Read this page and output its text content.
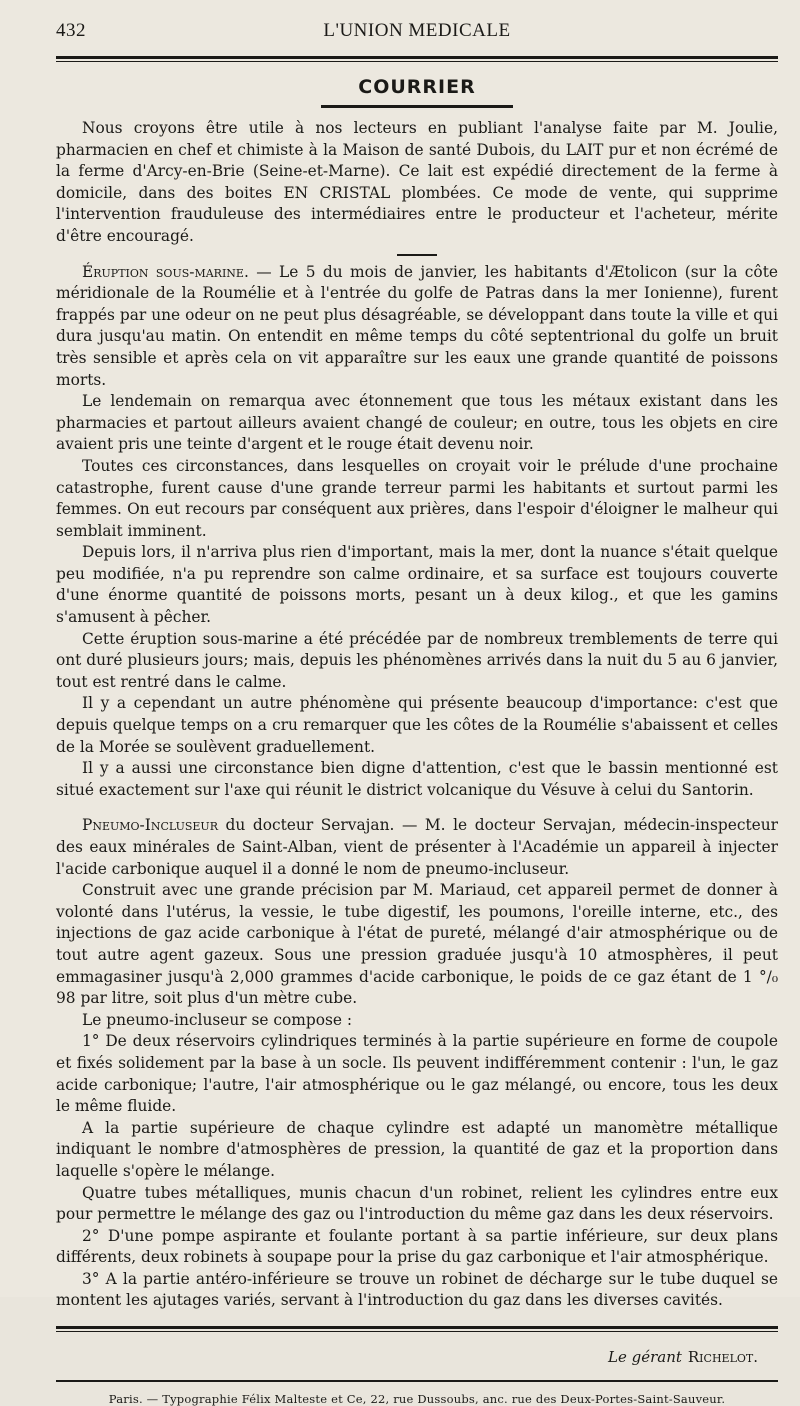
432	L'UNION MEDICALE
COURRIER

Nous croyons être utile à nos lecteurs en publiant l'analyse faite par M. Joulie, pharmacien en chef et chimiste à la Maison de santé Dubois, du LAIT pur et non écrémé de la ferme d'Arcy-en-Brie (Seine-et-Marne). Ce lait est expédié directement de la ferme à domicile, dans des boites EN CRISTAL plombées. Ce mode de vente, qui supprime l'intervention frauduleuse des intermédiaires entre le producteur et l'acheteur, mérite d'être encouragé.

Éruption sous-marine. — Le 5 du mois de janvier, les habitants d'Ætolicon (sur la côte méridionale de la Roumélie et à l'entrée du golfe de Patras dans la mer Ionienne), furent frappés par une odeur on ne peut plus désagréable, se développant dans toute la ville et qui dura jusqu'au matin. On entendit en même temps du côté septentrional du golfe un bruit très sensible et après cela on vit apparaître sur les eaux une grande quantité de poissons morts.

Le lendemain on remarqua avec étonnement que tous les métaux existant dans les pharmacies et partout ailleurs avaient changé de couleur; en outre, tous les objets en cire avaient pris une teinte d'argent et le rouge était devenu noir.

Toutes ces circonstances, dans lesquelles on croyait voir le prélude d'une prochaine catastrophe, furent cause d'une grande terreur parmi les habitants et surtout parmi les femmes. On eut recours par conséquent aux prières, dans l'espoir d'éloigner le malheur qui semblait imminent.

Depuis lors, il n'arriva plus rien d'important, mais la mer, dont la nuance s'était quelque peu modifiée, n'a pu reprendre son calme ordinaire, et sa surface est toujours couverte d'une énorme quantité de poissons morts, pesant un à deux kilog., et que les gamins s'amusent à pêcher.

Cette éruption sous-marine a été précédée par de nombreux tremblements de terre qui ont duré plusieurs jours; mais, depuis les phénomènes arrivés dans la nuit du 5 au 6 janvier, tout est rentré dans le calme.

Il y a cependant un autre phénomène qui présente beaucoup d'importance: c'est que depuis quelque temps on a cru remarquer que les côtes de la Roumélie s'abaissent et celles de la Morée se soulèvent graduellement.

Il y a aussi une circonstance bien digne d'attention, c'est que le bassin mentionné est situé exactement sur l'axe qui réunit le district volcanique du Vésuve à celui du Santorin.

Pneumo-Inclusеur du docteur Servajan. — M. le docteur Servajan, médecin-inspecteur des eaux minérales de Saint-Alban, vient de présenter à l'Académie un appareil à injecter l'acide carbonique auquel il a donné le nom de pneumo-incluseur.

Construit avec une grande précision par M. Mariaud, cet appareil permet de donner à volonté dans l'utérus, la vessie, le tube digestif, les poumons, l'oreille interne, etc., des injections de gaz acide carbonique à l'état de pureté, mélangé d'air atmosphérique ou de tout autre agent gazeux. Sous une pression graduée jusqu'à 10 atmosphères, il peut emmagasiner jusqu'à 2,000 grammes d'acide carbonique, le poids de ce gaz étant de 1 °/₀ 98 par litre, soit plus d'un mètre cube.

Le pneumo-incluseur se compose :

1° De deux réservoirs cylindriques terminés à la partie supérieure en forme de coupole et fixés solidement par la base à un socle. Ils peuvent indifféremment contenir : l'un, le gaz acide carbonique; l'autre, l'air atmosphérique ou le gaz mélangé, ou encore, tous les deux le même fluide.

A la partie supérieure de chaque cylindre est adapté un manomètre métallique indiquant le nombre d'atmosphères de pression, la quantité de gaz et la proportion dans laquelle s'opère le mélange.

Quatre tubes métalliques, munis chacun d'un robinet, relient les cylindres entre eux pour permettre le mélange des gaz ou l'introduction du même gaz dans les deux réservoirs.

2° D'une pompe aspirante et foulante portant à sa partie inférieure, sur deux plans différents, deux robinets à soupape pour la prise du gaz carbonique et l'air atmosphérique.

3° A la partie antéro-inférieure se trouve un robinet de décharge sur le tube duquel se montent les ajutages variés, servant à l'introduction du gaz dans les diverses cavités.

Le gérant Richelot.
Paris. — Typographie Félix Malteste et Ce, 22, rue Dussoubs, anc. rue des Deux-Portes-Saint-Sauveur.
